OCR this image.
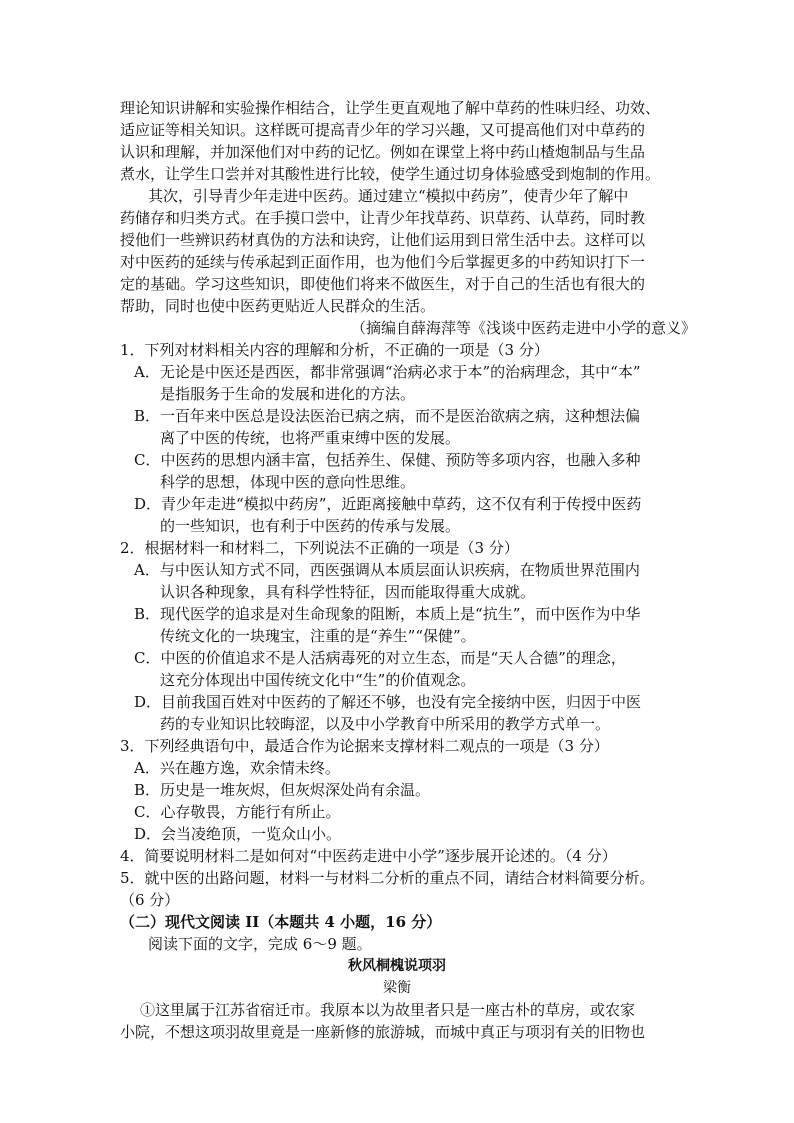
理论知识讲解和实验操作相结合，让学生更直观地了解中草药的性味归经、功效、
适应证等相关知识。这样既可提高青少年的学习兴趣，又可提高他们对中草药的
认识和理解，并加深他们对中药的记忆。例如在课堂上将中药山楂炮制品与生品
煮水，让学生口尝并对其酸性进行比较，使学生通过切身体验感受到炮制的作用。
其次，引导青少年走进中医药。通过建立“模拟中药房”，使青少年了解中
药储存和归类方式。在手摸口尝中，让青少年找草药、识草药、认草药，同时教
授他们一些辨识药材真伪的方法和诀窍，让他们运用到日常生活中去。这样可以
对中医药的延续与传承起到正面作用，也为他们今后掌握更多的中药知识打下一
定的基础。学习这些知识，即使他们将来不做医生，对于自己的生活也有很大的
帮助，同时也使中医药更贴近人民群众的生活。
（摘编自薛海萍等《浅谈中医药走进中小学的意义》
1．下列对材料相关内容的理解和分析，不正确的一项是（3 分）
A．无论是中医还是西医，都非常强调“治病必求于本”的治病理念，其中“本”
是指服务于生命的发展和进化的方法。
B．一百年来中医总是设法医治已病之病，而不是医治欲病之病，这种想法偏
离了中医的传统，也将严重束缚中医的发展。
C．中医药的思想内涵丰富，包括养生、保健、预防等多项内容，也融入多种
科学的思想，体现中医的意向性思维。
D．青少年走进“模拟中药房”，近距离接触中草药，这不仅有利于传授中医药
的一些知识，也有利于中医药的传承与发展。
2．根据材料一和材料二，下列说法不正确的一项是（3 分）
A．与中医认知方式不同，西医强调从本质层面认识疾病，在物质世界范围内
认识各种现象，具有科学性特征，因而能取得重大成就。
B．现代医学的追求是对生命现象的阻断，本质上是“抗生”，而中医作为中华
传统文化的一块瑰宝，注重的是“养生”“保健”。
C．中医的价值追求不是人活病毒死的对立生态，而是“天人合德”的理念，
这充分体现出中国传统文化中“生”的价值观念。
D．目前我国百姓对中医药的了解还不够，也没有完全接纳中医，归因于中医
药的专业知识比较晦涩，以及中小学教育中所采用的教学方式单一。
3．下列经典语句中，最适合作为论据来支撑材料二观点的一项是（3 分）
A．兴在趣方逸，欢余情未终。
B．历史是一堆灰烬，但灰烬深处尚有余温。
C．心存敬畏，方能行有所止。
D．会当凌绝顶，一览众山小。
4．简要说明材料二是如何对“中医药走进中小学”逐步展开论述的。（4 分）
5．就中医的出路问题，材料一与材料二分析的重点不同，请结合材料简要分析。
（6 分）
（二）现代文阅读 II（本题共 4 小题，16 分）
阅读下面的文字，完成 6～9 题。
秋风桐槐说项羽
梁衡
①这里属于江苏省宿迁市。我原本以为故里者只是一座古朴的草房，或农家
小院，不想这项羽故里竟是一座新修的旅游城，而城中真正与项羽有关的旧物也
